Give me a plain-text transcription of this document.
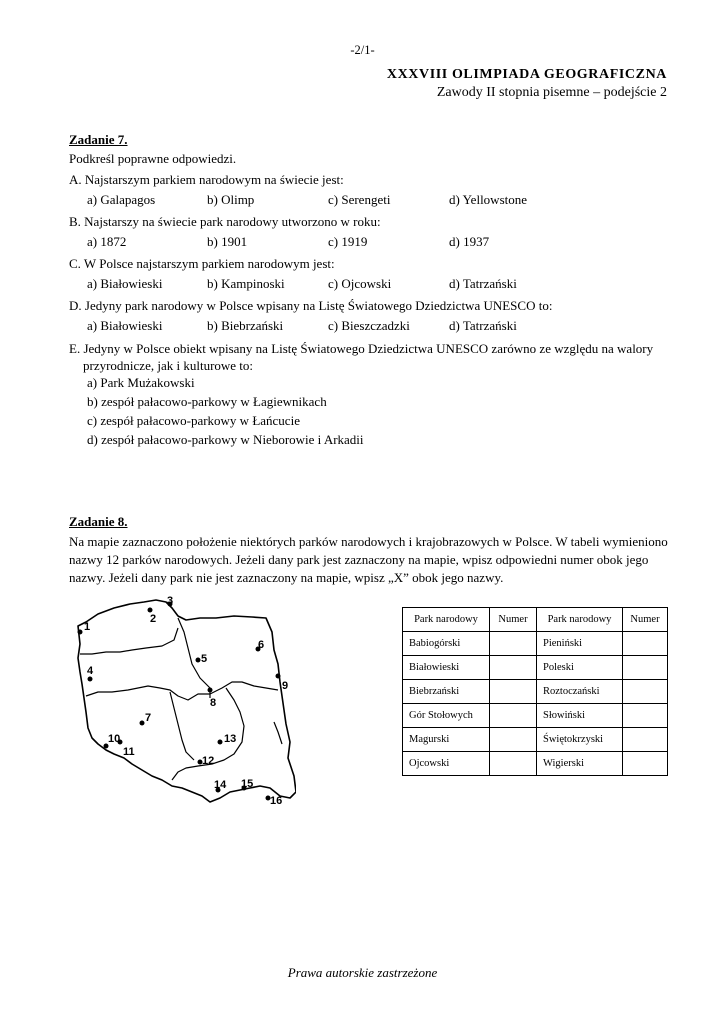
-2/1-
XXXVIII OLIMPIADA GEOGRAFICZNA
Zawody II stopnia pisemne – podejście 2
Zadanie 7.
Podkreśl poprawne odpowiedzi.
A. Najstarszym parkiem narodowym na świecie jest:
a) Galapagos	b) Olimp	c) Serengeti	d) Yellowstone
B. Najstarszy na świecie park narodowy utworzono w roku:
a) 1872	b) 1901	c) 1919	d) 1937
C. W Polsce najstarszym parkiem narodowym jest:
a) Białowieski	b) Kampinoski	c) Ojcowski	d) Tatrzański
D. Jedyny park narodowy w Polsce wpisany na Listę Światowego Dziedzictwa UNESCO to:
a) Białowieski	b) Biebrzański	c) Bieszczadzki	d) Tatrzański
E. Jedyny w Polsce obiekt wpisany na Listę Światowego Dziedzictwa UNESCO zarówno ze względu na walory przyrodnicze, jak i kulturowe to:
a) Park Mużakowski
b) zespół pałacowo-parkowy w Łagiewnikach
c) zespół pałacowo-parkowy w Łańcucie
d) zespół pałacowo-parkowy w Nieborowie i Arkadii
Zadanie 8.
Na mapie zaznaczono położenie niektórych parków narodowych i krajobrazowych w Polsce. W tabeli wymieniono nazwy 12 parków narodowych. Jeżeli dany park jest zaznaczony na mapie, wpisz odpowiedni numer obok jego nazwy. Jeżeli dany park nie jest zaznaczony na mapie, wpisz „X” obok jego nazwy.
1
2
3
4
5
6
7
8
9
10
11
12
13
14 15
16
Park narodowy	Numer	Park narodowy	Numer
Babiogórski		Pieniński	
Białowieski		Poleski	
Biebrzański		Roztoczański	
Gór Stołowych		Słowiński	
Magurski		Świętokrzyski	
Ojcowski		Wigierski	
Prawa autorskie zastrzeżone
